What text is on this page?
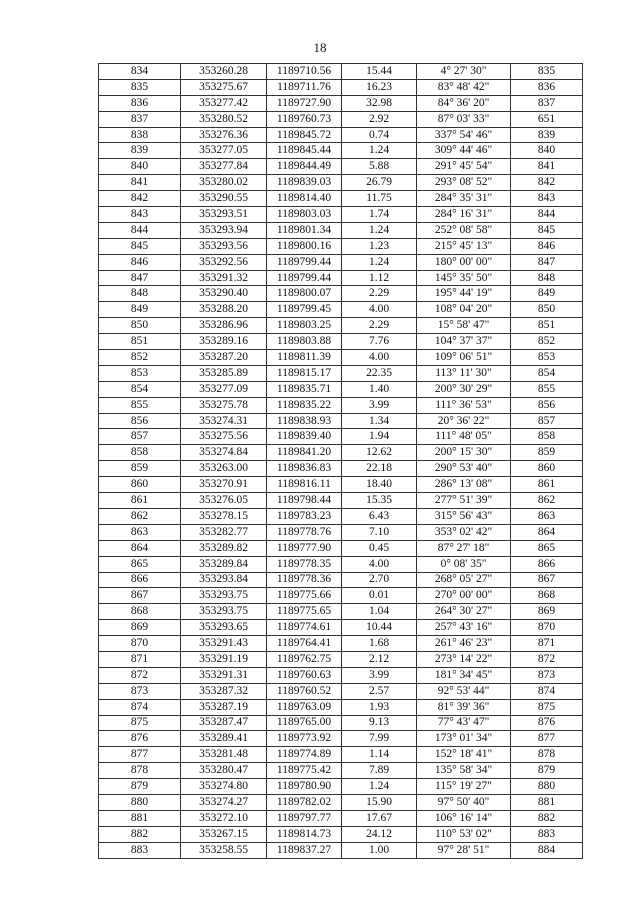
18
834	353260.28	1189710.56	15.44	4° 27' 30"	835
835	353275.67	1189711.76	16.23	83° 48' 42"	836
836	353277.42	1189727.90	32.98	84° 36' 20"	837
837	353280.52	1189760.73	2.92	87° 03' 33"	651
838	353276.36	1189845.72	0.74	337° 54' 46"	839
839	353277.05	1189845.44	1.24	309° 44' 46"	840
840	353277.84	1189844.49	5.88	291° 45' 54"	841
841	353280.02	1189839.03	26.79	293° 08' 52"	842
842	353290.55	1189814.40	11.75	284° 35' 31"	843
843	353293.51	1189803.03	1.74	284° 16' 31"	844
844	353293.94	1189801.34	1.24	252° 08' 58"	845
845	353293.56	1189800.16	1.23	215° 45' 13"	846
846	353292.56	1189799.44	1.24	180° 00' 00"	847
847	353291.32	1189799.44	1.12	145° 35' 50"	848
848	353290.40	1189800.07	2.29	195° 44' 19"	849
849	353288.20	1189799.45	4.00	108° 04' 20"	850
850	353286.96	1189803.25	2.29	15° 58' 47"	851
851	353289.16	1189803.88	7.76	104° 37' 37"	852
852	353287.20	1189811.39	4.00	109° 06' 51"	853
853	353285.89	1189815.17	22.35	113° 11' 30"	854
854	353277.09	1189835.71	1.40	200° 30' 29"	855
855	353275.78	1189835.22	3.99	111° 36' 53"	856
856	353274.31	1189838.93	1.34	20° 36' 22"	857
857	353275.56	1189839.40	1.94	111° 48' 05"	858
858	353274.84	1189841.20	12.62	200° 15' 30"	859
859	353263.00	1189836.83	22.18	290° 53' 40"	860
860	353270.91	1189816.11	18.40	286° 13' 08"	861
861	353276.05	1189798.44	15.35	277° 51' 39"	862
862	353278.15	1189783.23	6.43	315° 56' 43"	863
863	353282.77	1189778.76	7.10	353° 02' 42"	864
864	353289.82	1189777.90	0.45	87° 27' 18"	865
865	353289.84	1189778.35	4.00	0° 08' 35"	866
866	353293.84	1189778.36	2.70	268° 05' 27"	867
867	353293.75	1189775.66	0.01	270° 00' 00"	868
868	353293.75	1189775.65	1.04	264° 30' 27"	869
869	353293.65	1189774.61	10.44	257° 43' 16"	870
870	353291.43	1189764.41	1.68	261° 46' 23"	871
871	353291.19	1189762.75	2.12	273° 14' 22"	872
872	353291.31	1189760.63	3.99	181° 34' 45"	873
873	353287.32	1189760.52	2.57	92° 53' 44"	874
874	353287.19	1189763.09	1.93	81° 39' 36"	875
875	353287.47	1189765.00	9.13	77° 43' 47"	876
876	353289.41	1189773.92	7.99	173° 01' 34"	877
877	353281.48	1189774.89	1.14	152° 18' 41"	878
878	353280.47	1189775.42	7.89	135° 58' 34"	879
879	353274.80	1189780.90	1.24	115° 19' 27"	880
880	353274.27	1189782.02	15.90	97° 50' 40"	881
881	353272.10	1189797.77	17.67	106° 16' 14"	882
882	353267.15	1189814.73	24.12	110° 53' 02"	883
883	353258.55	1189837.27	1.00	97° 28' 51"	884
